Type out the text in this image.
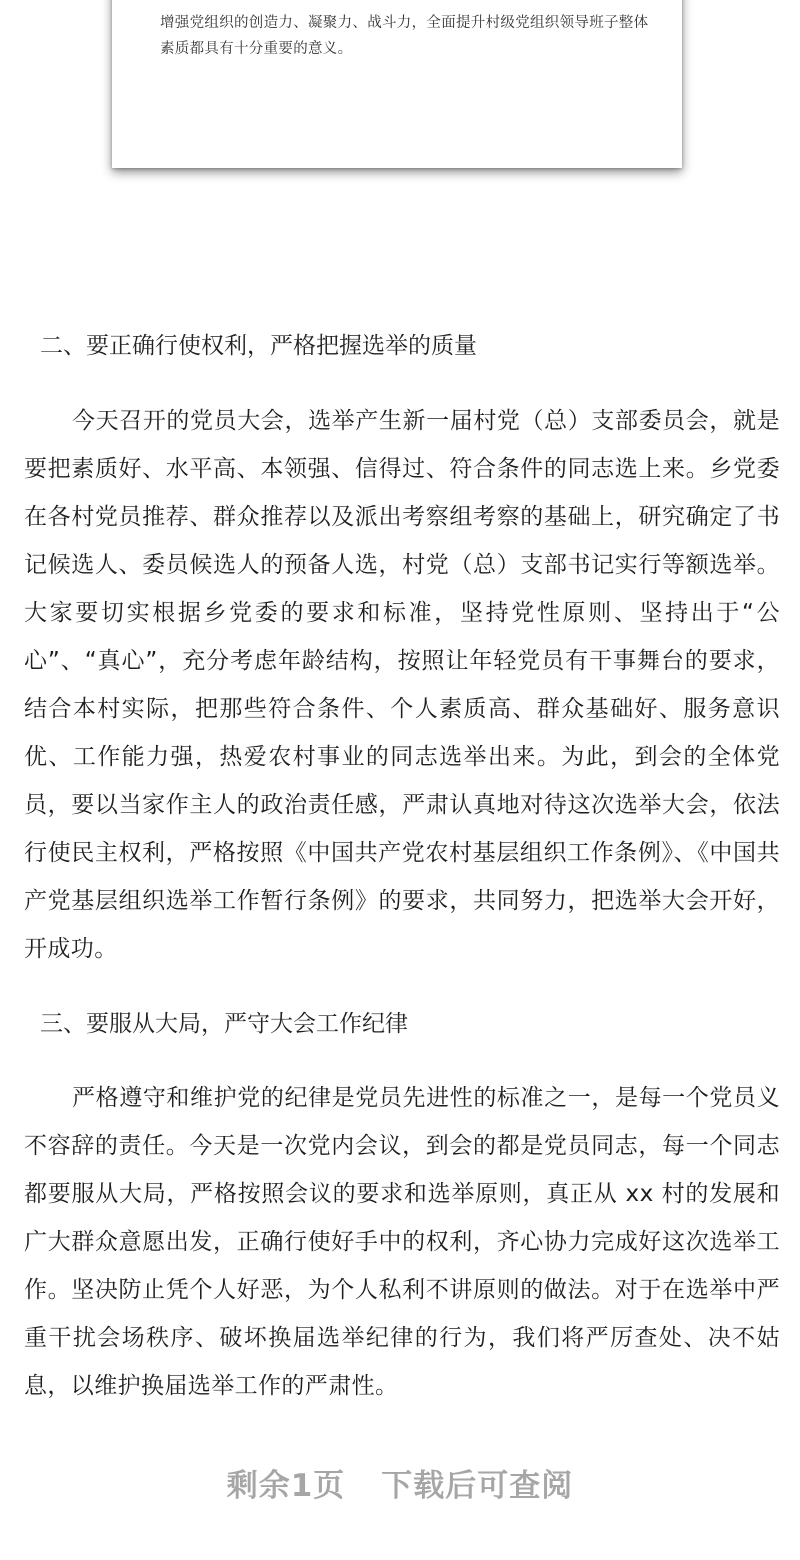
增强党组织的创造力、凝聚力、战斗力，全面提升村级党组织领导班子整体素质都具有十分重要的意义。
二、要正确行使权利，严格把握选举的质量
今天召开的党员大会，选举产生新一届村党（总）支部委员会，就是要把素质好、水平高、本领强、信得过、符合条件的同志选上来。乡党委在各村党员推荐、群众推荐以及派出考察组考察的基础上，研究确定了书记候选人、委员候选人的预备人选，村党（总）支部书记实行等额选举。大家要切实根据乡党委的要求和标准，坚持党性原则、坚持出于“公心”、“真心”，充分考虑年龄结构，按照让年轻党员有干事舞台的要求，结合本村实际，把那些符合条件、个人素质高、群众基础好、服务意识优、工作能力强，热爱农村事业的同志选举出来。为此，到会的全体党员，要以当家作主人的政治责任感，严肃认真地对待这次选举大会，依法行使民主权利，严格按照《中国共产党农村基层组织工作条例》、《中国共产党基层组织选举工作暂行条例》的要求，共同努力，把选举大会开好，开成功。
三、要服从大局，严守大会工作纪律
严格遵守和维护党的纪律是党员先进性的标准之一，是每一个党员义不容辞的责任。今天是一次党内会议，到会的都是党员同志，每一个同志都要服从大局，严格按照会议的要求和选举原则，真正从 xx 村的发展和广大群众意愿出发，正确行使好手中的权利，齐心协力完成好这次选举工作。坚决防止凭个人好恶，为个人私利不讲原则的做法。对于在选举中严重干扰会场秩序、破坏换届选举纪律的行为，我们将严厉查处、决不姑息，以维护换届选举工作的严肃性。
剩余1页 下载后可查阅
